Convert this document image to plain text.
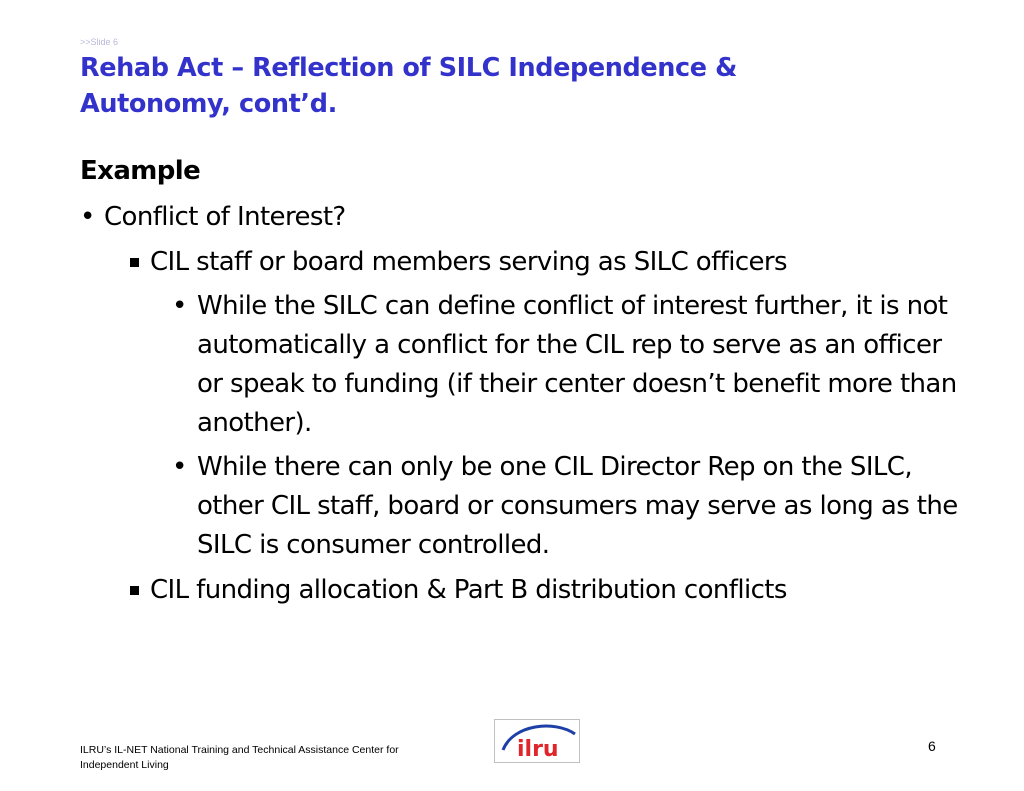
>>Slide 6
Rehab Act – Reflection of SILC Independence &
Autonomy, cont’d.
Example
• Conflict of Interest?
CIL staff or board members serving as SILC officers
• While the SILC can define conflict of interest further, it is not automatically a conflict for the CIL rep to serve as an officer or speak to funding (if their center doesn’t benefit more than another).
• While there can only be one CIL Director Rep on the SILC, other CIL staff, board or consumers may serve as long as the SILC is consumer controlled.
CIL funding allocation & Part B distribution conflicts
ILRU’s IL-NET National Training and Technical Assistance Center for
Independent Living
ilru	6
